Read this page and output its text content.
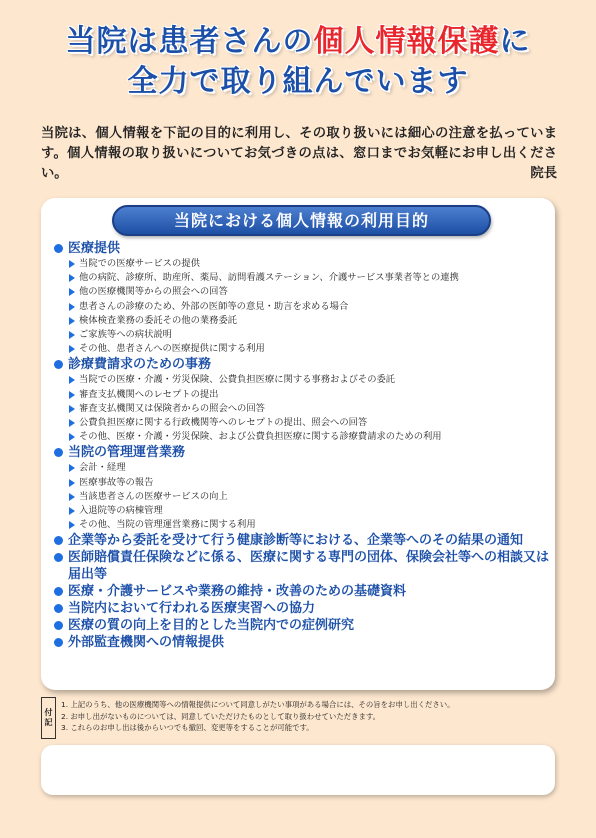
当院は患者さんの個人情報保護に
全力で取り組んでいます
当院は、個人情報を下記の目的に利用し、その取り扱いには細心の注意を払っています。個人情報の取り扱いについてお気づきの点は、窓口までお気軽にお申し出ください。	院長
当院における個人情報の利用目的
医療提供
当院での医療サービスの提供
他の病院、診療所、助産所、薬局、訪問看護ステーション、介護サービス事業者等との連携
他の医療機関等からの照会への回答
患者さんの診療のため、外部の医師等の意見・助言を求める場合
検体検査業務の委託その他の業務委託
ご家族等への病状説明
その他、患者さんへの医療提供に関する利用
診療費請求のための事務
当院での医療・介護・労災保険、公費負担医療に関する事務およびその委託
審査支払機関へのレセプトの提出
審査支払機関又は保険者からの照会への回答
公費負担医療に関する行政機関等へのレセプトの提出、照会への回答
その他、医療・介護・労災保険、および公費負担医療に関する診療費請求のための利用
当院の管理運営業務
会計・経理
医療事故等の報告
当該患者さんの医療サービスの向上
入退院等の病棟管理
その他、当院の管理運営業務に関する利用
企業等から委託を受けて行う健康診断等における、企業等へのその結果の通知
医師賠償責任保険などに係る、医療に関する専門の団体、保険会社等への相談又は届出等
医療・介護サービスや業務の維持・改善のための基礎資料
当院内において行われる医療実習への協力
医療の質の向上を目的とした当院内での症例研究
外部監査機関への情報提供
付
記
1. 上記のうち、他の医療機関等への情報提供について同意しがたい事項がある場合には、その旨をお申し出ください。
2. お申し出がないものについては、同意していただけたものとして取り扱わせていただきます。
3. これらのお申し出は後からいつでも撤回、変更等をすることが可能です。
